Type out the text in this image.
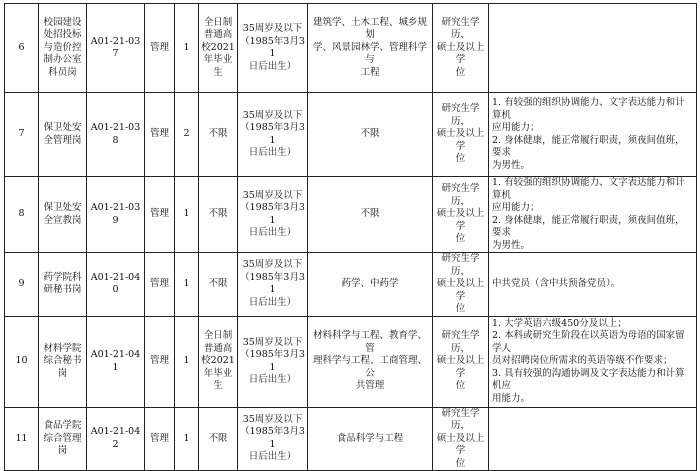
6	校园建设
处招投标
与造价控
制办公室
科员岗	A01-21-037	管理	1	全日制
普通高
校2021
年毕业
生	35周岁及以下
（1985年3月31
日后出生）	建筑学、土木工程、城乡规划
学、风景园林学、管理科学与
工程	研究生学历，
硕士及以上学
位	

7	保卫处安
全管理岗	A01-21-038	管理	2	不限	35周岁及以下
（1985年3月31
日后出生）	不限	研究生学历，
硕士及以上学
位	1. 有较强的组织协调能力、文字表达能力和计算机
应用能力；
2. 身体健康，能正常履行职责，须夜间值班，要求
为男性。

8	保卫处安
全宣教岗	A01-21-039	管理	1	不限	35周岁及以下
（1985年3月31
日后出生）	不限	研究生学历，
硕士及以上学
位	1. 有较强的组织协调能力、文字表达能力和计算机
应用能力；
2. 身体健康，能正常履行职责，须夜间值班，要求
为男性。

9	药学院科
研秘书岗	A01-21-040	管理	1	不限	35周岁及以下
（1985年3月31
日后出生）	药学、中药学	研究生学历，
硕士及以上学
位	中共党员（含中共预备党员）。

10	材料学院
综合秘书
岗	A01-21-041	管理	1	全日制
普通高
校2021
年毕业
生	35周岁及以下
（1985年3月31
日后出生）	材料科学与工程、教育学、管
理科学与工程、工商管理、公
共管理	研究生学历，
硕士及以上学
位	1. 大学英语六级450分及以上；
2. 本科或研究生阶段在以英语为母语的国家留学人
员对招聘岗位所需求的英语等级不作要求；
3. 具有较强的沟通协调及文字表达能力和计算机应
用能力。

11	食品学院
综合管理
岗	A01-21-042	管理	1	不限	35周岁及以下
（1985年3月31
日后出生）	食品科学与工程	研究生学历，
硕士及以上学
位	
